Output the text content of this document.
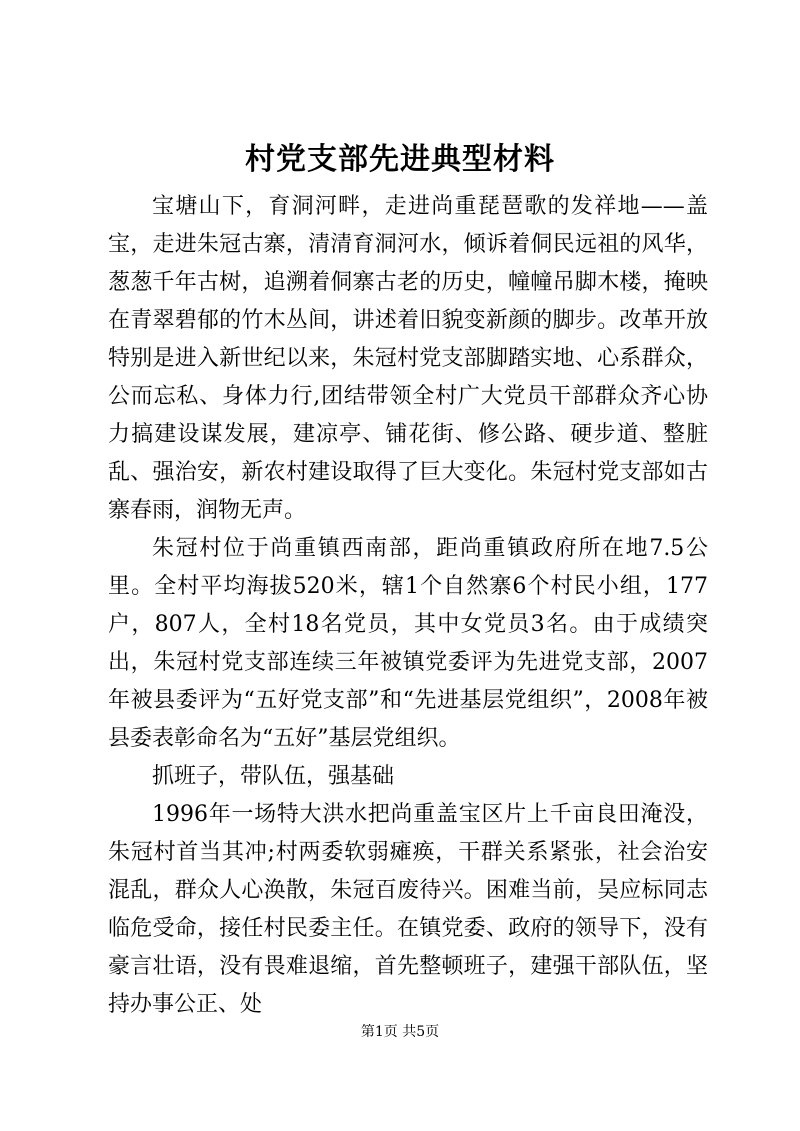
村党支部先进典型材料

宝塘山下，育洞河畔，走进尚重琵琶歌的发祥地——盖宝，走进朱冠古寨，清清育洞河水，倾诉着侗民远祖的风华，葱葱千年古树，追溯着侗寨古老的历史，幢幢吊脚木楼，掩映在青翠碧郁的竹木丛间，讲述着旧貌变新颜的脚步。改革开放特别是进入新世纪以来，朱冠村党支部脚踏实地、心系群众，公而忘私、身体力行,团结带领全村广大党员干部群众齐心协力搞建设谋发展，建凉亭、铺花街、修公路、硬步道、整脏乱、强治安，新农村建设取得了巨大变化。朱冠村党支部如古寨春雨，润物无声。

朱冠村位于尚重镇西南部，距尚重镇政府所在地7.5公里。全村平均海拔520米，辖1个自然寨6个村民小组，177户，807人，全村18名党员，其中女党员3名。由于成绩突出，朱冠村党支部连续三年被镇党委评为先进党支部，2007年被县委评为“五好党支部”和“先进基层党组织”，2008年被县委表彰命名为“五好”基层党组织。

抓班子，带队伍，强基础

1996年一场特大洪水把尚重盖宝区片上千亩良田淹没，朱冠村首当其冲;村两委软弱瘫痪，干群关系紧张，社会治安混乱，群众人心涣散，朱冠百废待兴。困难当前，吴应标同志临危受命，接任村民委主任。在镇党委、政府的领导下，没有豪言壮语，没有畏难退缩，首先整顿班子，建强干部队伍，坚持办事公正、处

第1页 共5页
